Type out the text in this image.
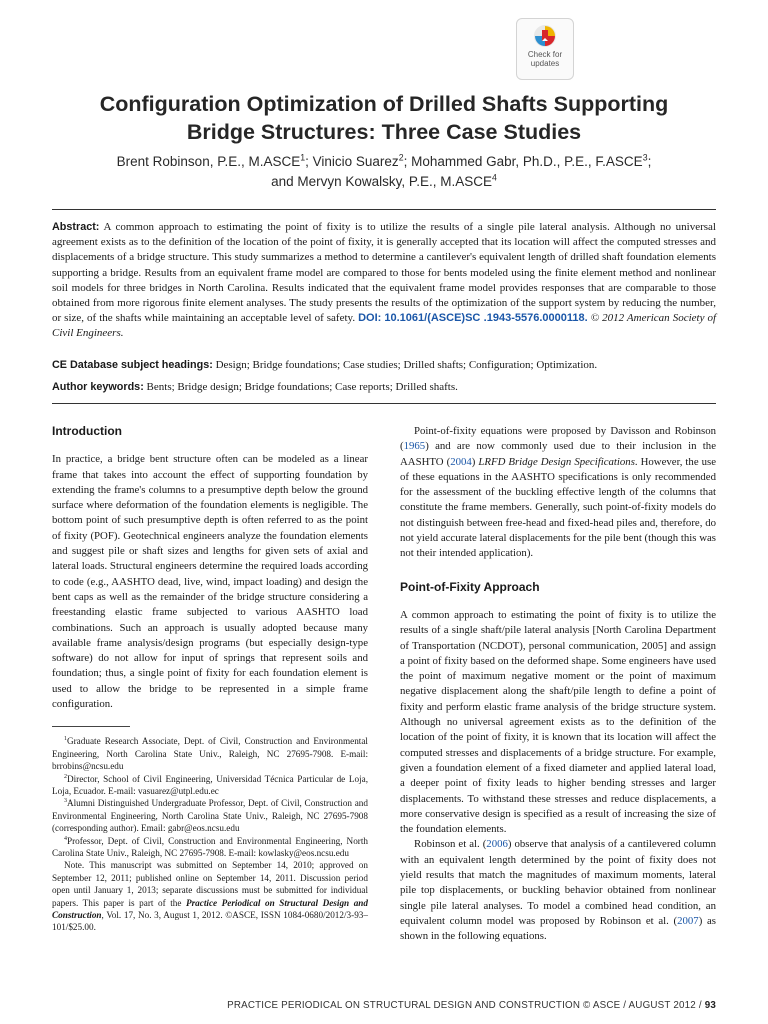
Check for
updates
Configuration Optimization of Drilled Shafts Supporting
Bridge Structures: Three Case Studies
Brent Robinson, P.E., M.ASCE$^1$; Vinicio Suarez$^2$; Mohammed Gabr, Ph.D., P.E., F.ASCE$^3$;
and Mervyn Kowalsky, P.E., M.ASCE$^4$
Abstract: A common approach to estimating the point of fixity is to utilize the results of a single pile lateral analysis. Although no universal agreement exists as to the definition of the location of the point of fixity, it is generally accepted that its location will affect the computed stresses and displacements of a bridge structure. This study summarizes a method to determine a cantilever's equivalent length of drilled shaft foundation elements supporting a bridge. Results from an equivalent frame model are compared to those for bents modeled using the finite element method and nonlinear soil models for three bridges in North Carolina. Results indicated that the equivalent frame model provides responses that are comparable to those obtained from more rigorous finite element analyses. The study presents the results of the optimization of the support system by reducing the number, or size, of the shafts while maintaining an acceptable level of safety. DOI: 10.1061/(ASCE)SC .1943-5576.0000118. © 2012 American Society of Civil Engineers.
CE Database subject headings: Design; Bridge foundations; Case studies; Drilled shafts; Configuration; Optimization.
Author keywords: Bents; Bridge design; Bridge foundations; Case reports; Drilled shafts.
Introduction

In practice, a bridge bent structure often can be modeled as a linear frame that takes into account the effect of supporting foundation by extending the frame's columns to a presumptive depth below the ground surface where deformation of the foundation elements is negligible. The bottom point of such presumptive depth is often referred to as the point of fixity (POF). Geotechnical engineers analyze the foundation elements and suggest pile or shaft sizes and lengths for given sets of axial and lateral loads. Structural engineers determine the required loads according to code (e.g., AASHTO dead, live, wind, impact loading) and design the bent caps as well as the remainder of the bridge structure considering a freestanding elastic frame subjected to various AASHTO load combinations. Such an approach is usually adopted because many available frame analysis/design programs (but especially design-type software) do not allow for input of springs that represent soils and foundation; thus, a single point of fixity for each foundation element is used to allow the bridge to be represented in a simple frame configuration.

$^1$Graduate Research Associate, Dept. of Civil, Construction and Environmental Engineering, North Carolina State Univ., Raleigh, NC 27695-7908. E-mail: brrobins@ncsu.edu

$^2$Director, School of Civil Engineering, Universidad Técnica Particular de Loja, Loja, Ecuador. E-mail: vasuarez@utpl.edu.ec

$^3$Alumni Distinguished Undergraduate Professor, Dept. of Civil, Construction and Environmental Engineering, North Carolina State Univ., Raleigh, NC 27695-7908 (corresponding author). Email: gabr@eos.ncsu.edu

$^4$Professor, Dept. of Civil, Construction and Environmental Engineering, North Carolina State Univ., Raleigh, NC 27695-7908. E-mail: kowlasky@eos.ncsu.edu

Note. This manuscript was submitted on September 14, 2010; approved on September 12, 2011; published online on September 14, 2011. Discussion period open until January 1, 2013; separate discussions must be submitted for individual papers. This paper is part of the Practice Periodical on Structural Design and Construction, Vol. 17, No. 3, August 1, 2012. ©ASCE, ISSN 1084-0680/2012/3-93–101/$25.00.

Point-of-fixity equations were proposed by Davisson and Robinson (1965) and are now commonly used due to their inclusion in the AASHTO (2004) LRFD Bridge Design Specifications. However, the use of these equations in the AASHTO specifications is only recommended for the assessment of the buckling effective length of the columns that constitute the frame members. Generally, such point-of-fixity models do not distinguish between free-head and fixed-head piles and, therefore, do not yield accurate lateral displacements for the pile bent (though this was not their intended application).

Point-of-Fixity Approach

A common approach to estimating the point of fixity is to utilize the results of a single shaft/pile lateral analysis [North Carolina Department of Transportation (NCDOT), personal communication, 2005] and assign a point of fixity based on the deformed shape. Some engineers have used the point of maximum negative moment or the point of maximum negative displacement along the shaft/pile length to define a point of fixity and perform elastic frame analysis of the bridge structure system. Although no universal agreement exists as to the definition of the location of the point of fixity, it is known that its location will affect the computed stresses and displacements of a bridge structure. For example, given a foundation element of a fixed diameter and applied lateral load, a deeper point of fixity leads to higher bending stresses and larger displacements. To withstand these stresses and reduce displacements, a more conservative design is specified as a result of increasing the size of the foundation elements.

Robinson et al. (2006) observe that analysis of a cantilevered column with an equivalent length determined by the point of fixity does not yield results that match the magnitudes of maximum moments, lateral pile top displacements, or buckling behavior obtained from nonlinear single pile lateral analyses. To model a combined head condition, an equivalent column model was proposed by Robinson et al. (2007) as shown in the following equations.

PRACTICE PERIODICAL ON STRUCTURAL DESIGN AND CONSTRUCTION © ASCE / AUGUST 2012 / 93
